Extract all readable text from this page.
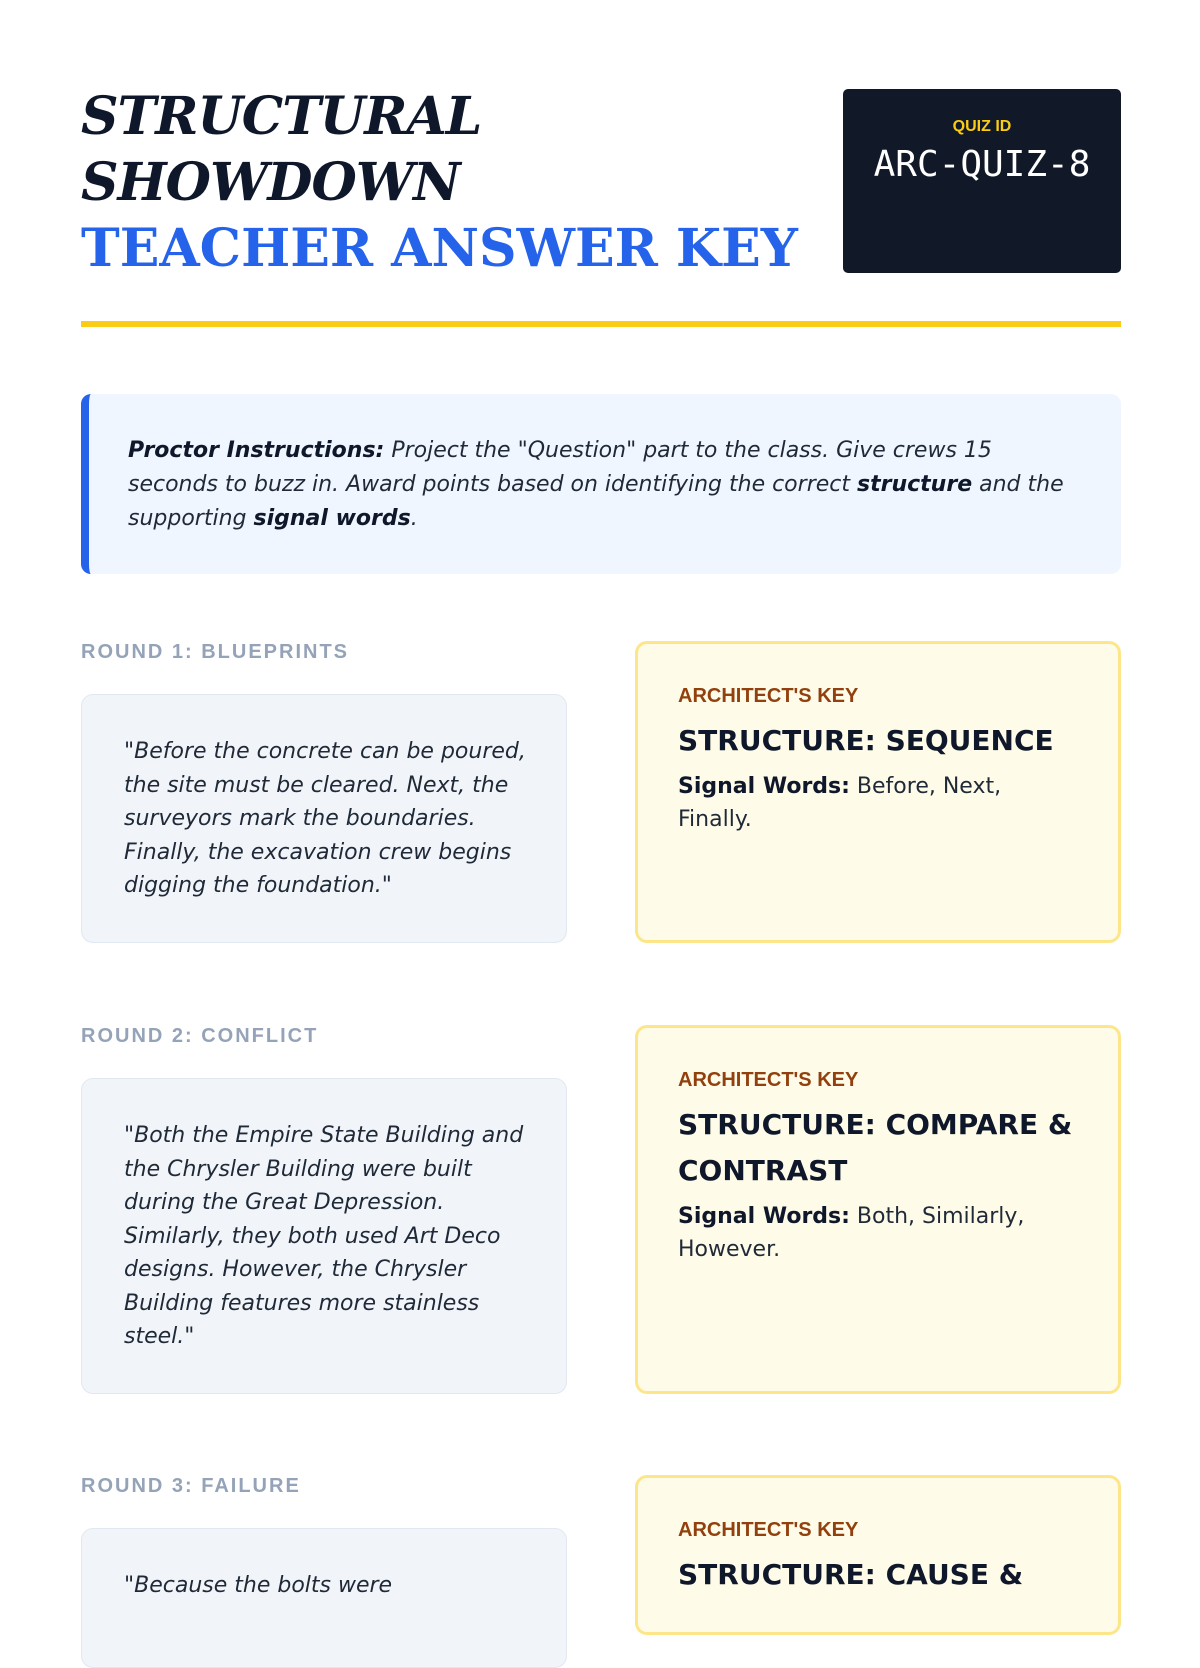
STRUCTURAL
SHOWDOWN
TEACHER ANSWER KEY
QUIZ ID
ARC-QUIZ-8
Proctor Instructions: Project the "Question" part to the class. Give crews 15 seconds to buzz in. Award points based on identifying the correct structure and the supporting signal words.
ROUND 1: BLUEPRINTS
"Before the concrete can be poured, the site must be cleared. Next, the surveyors mark the boundaries. Finally, the excavation crew begins digging the foundation."
ARCHITECT'S KEY
STRUCTURE: SEQUENCE
Signal Words: Before, Next, Finally.
ROUND 2: CONFLICT
"Both the Empire State Building and the Chrysler Building were built during the Great Depression. Similarly, they both used Art Deco designs. However, the Chrysler Building features more stainless steel."
ARCHITECT'S KEY
STRUCTURE: COMPARE & CONTRAST
Signal Words: Both, Similarly, However.
ROUND 3: FAILURE
"Because the bolts were
ARCHITECT'S KEY
STRUCTURE: CAUSE &
